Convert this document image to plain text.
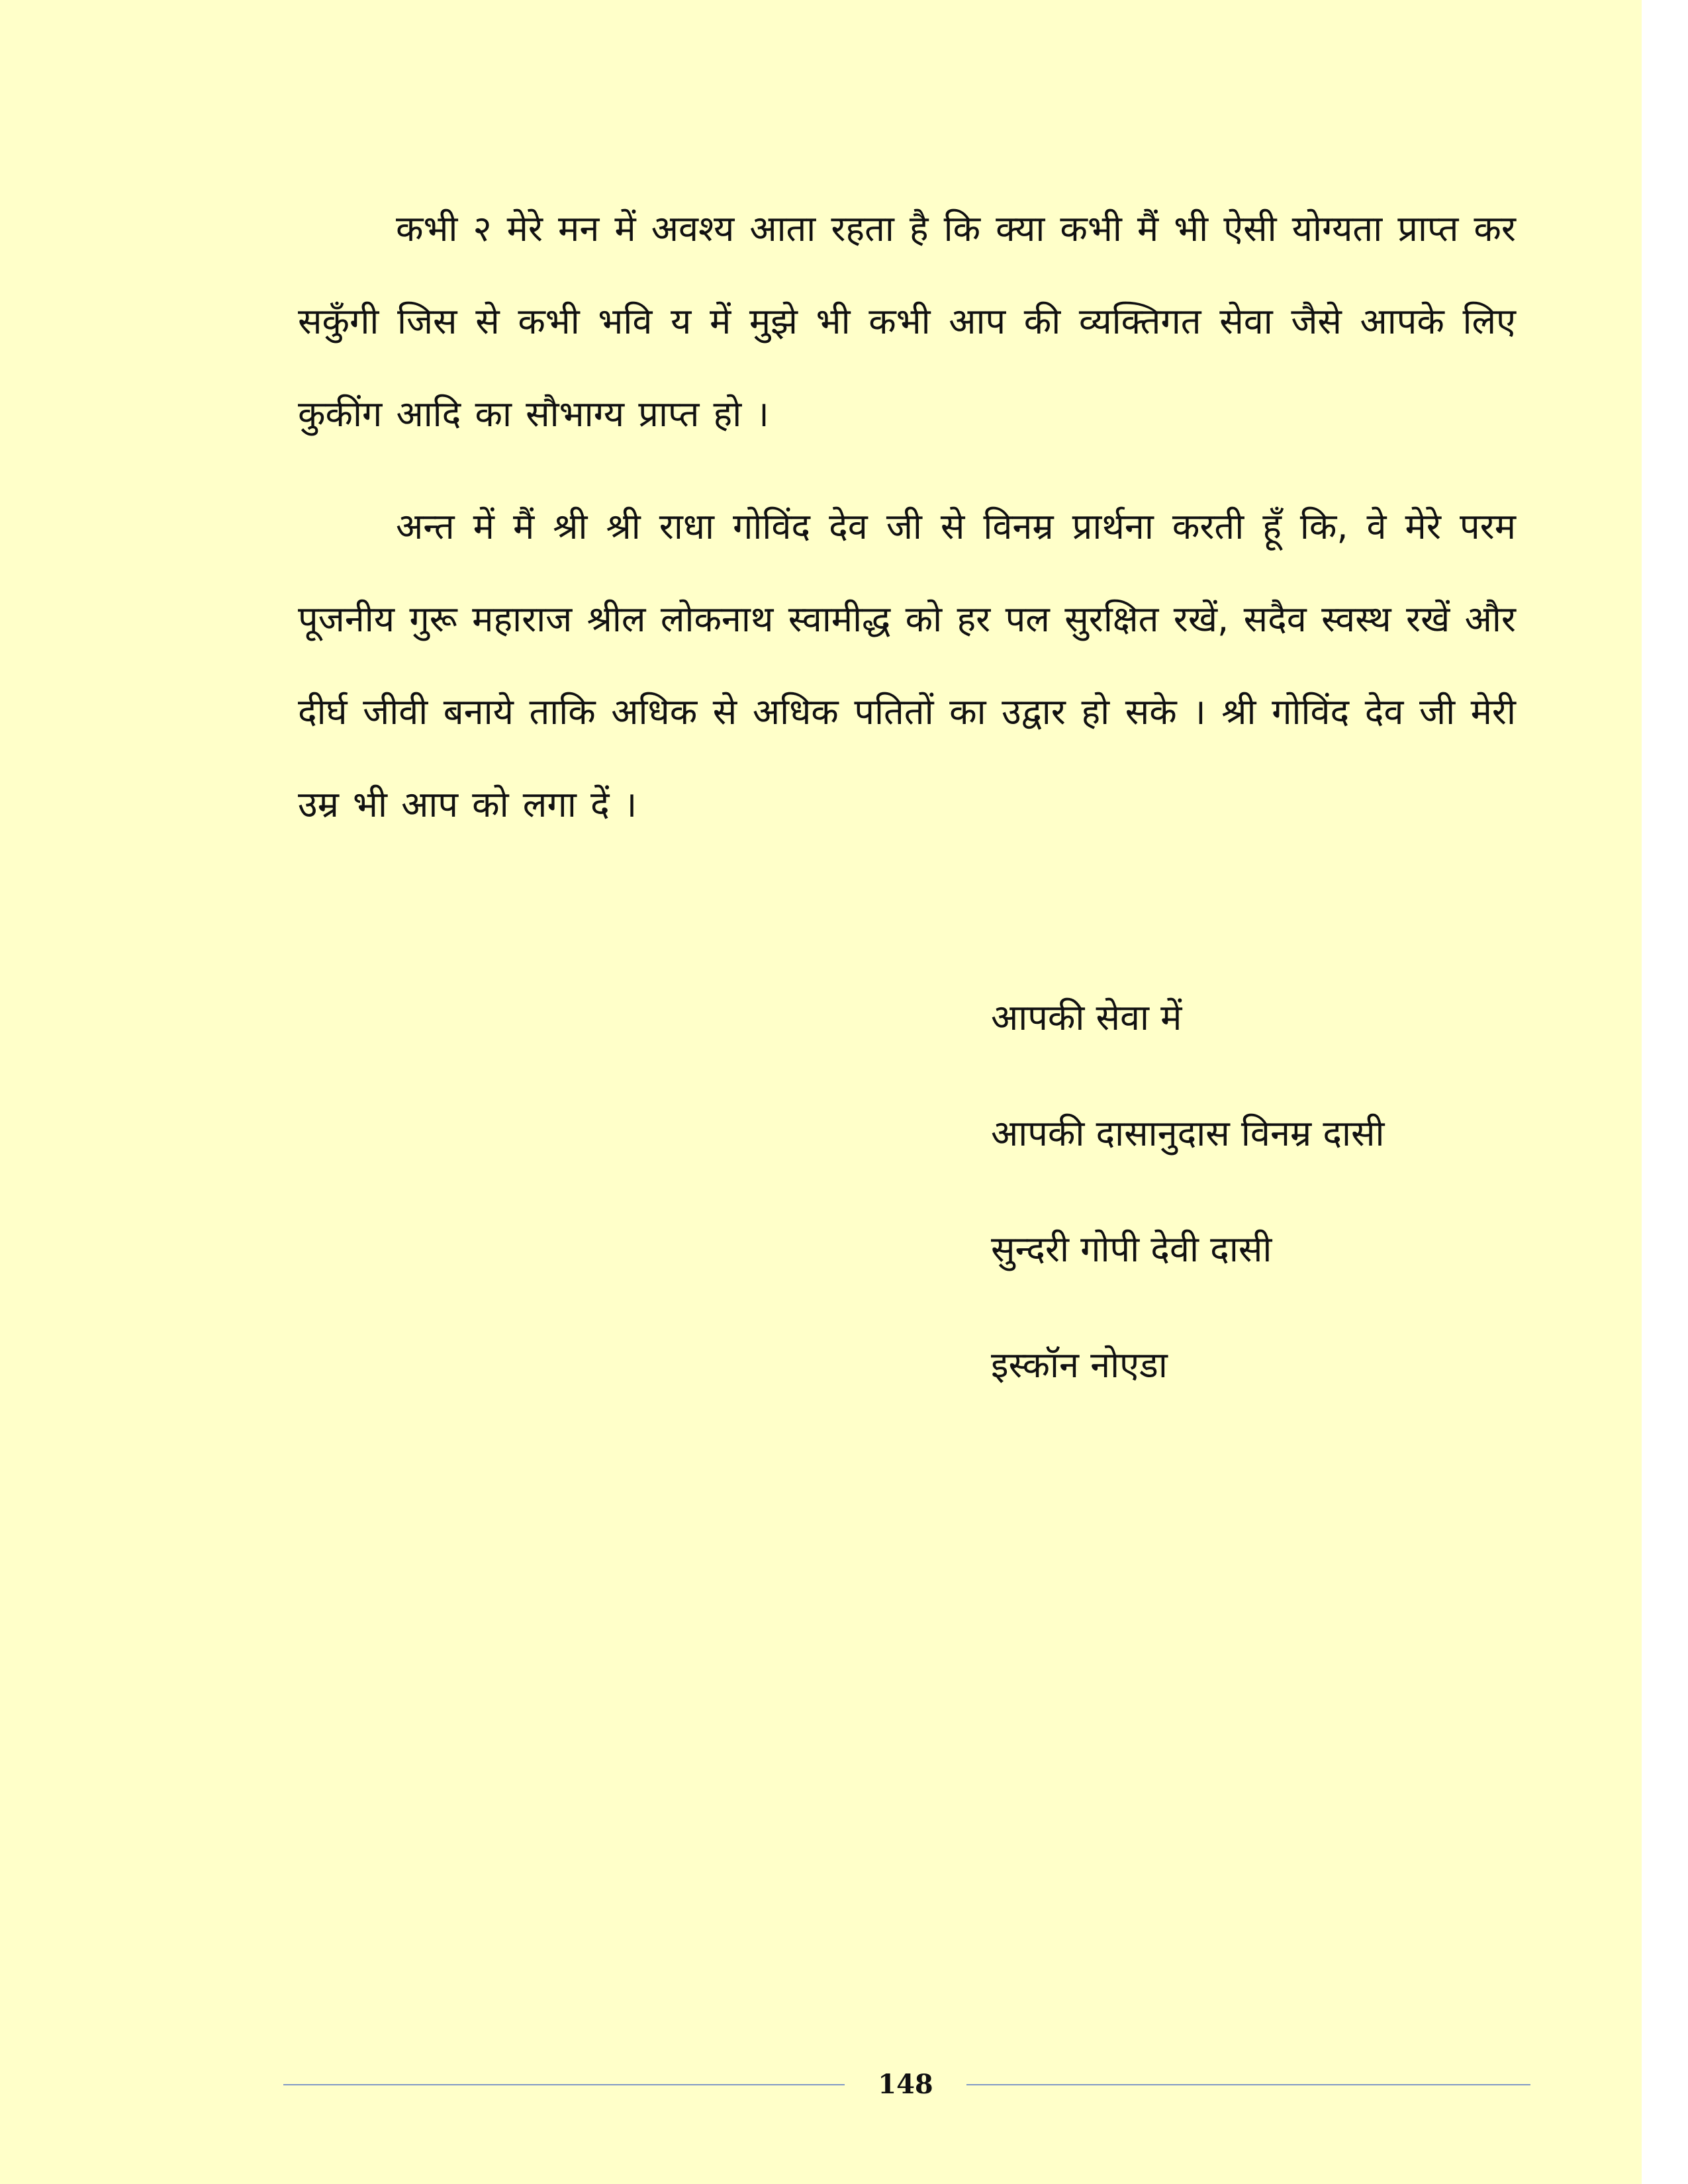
कभी २ मेरे मन में अवश्य आता रहता है कि क्या कभी मैं भी ऐसी योग्यता प्राप्त कर सकुँगी जिस से कभी भवि य में मुझे भी कभी आप की व्यक्तिगत सेवा जैसे आपके लिए कुकींग आदि का सौभाग्य प्राप्त हो ।

अन्त में मैं श्री श्री राधा गोविंद देव जी से विनम्र प्रार्थना करती हूँ कि, वे मेरे परम पूजनीय गुरू महाराज श्रील लोकनाथ स्वामीद्ध को हर पल सुरक्षित रखें, सदैव स्वस्थ रखें और दीर्घ जीवी बनाये ताकि अधिक से अधिक पतितों का उद्वार हो सके । श्री गोविंद देव जी मेरी उम्र भी आप को लगा दें ।

आपकी सेवा में
आपकी दासानुदास विनम्र दासी
सुन्दरी गोपी देवी दासी
इस्कॉन नोएडा
148
